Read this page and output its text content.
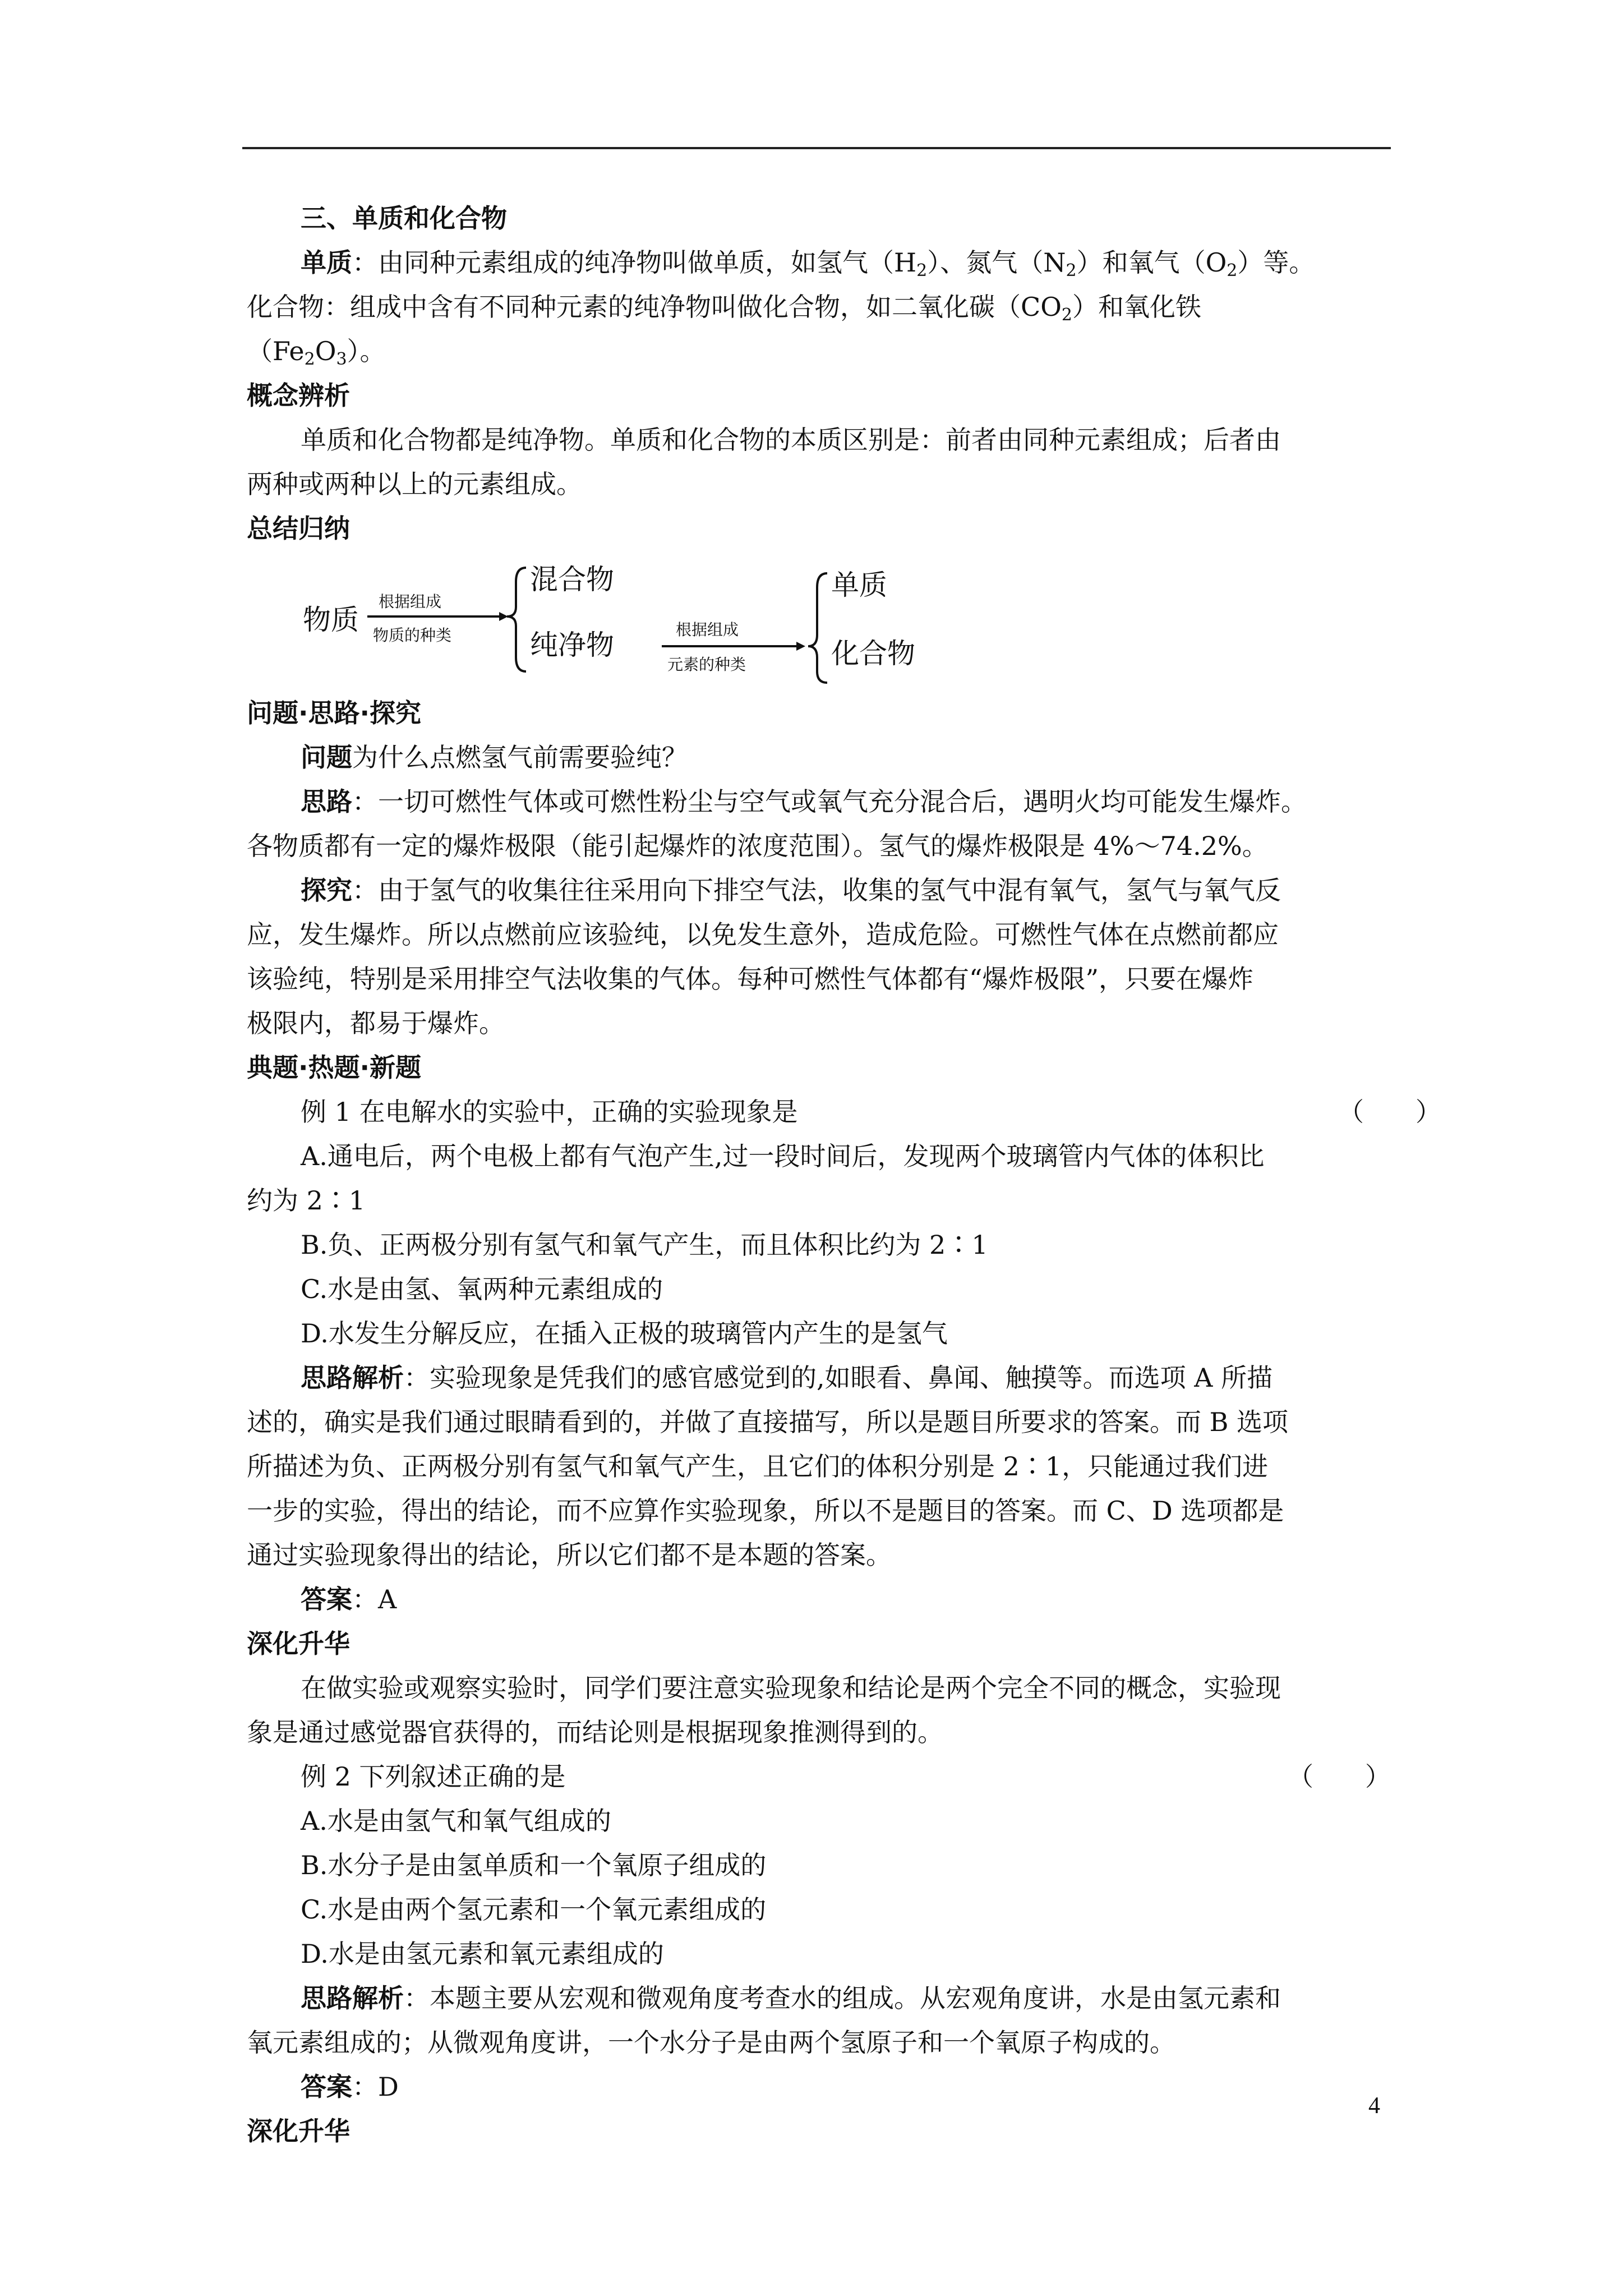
三、单质和化合物
单质：由同种元素组成的纯净物叫做单质，如氢气$(H_2)$、氮气$(N_2)$和氧气$(O_2)$等。
化合物：组成中含有不同种元素的纯净物叫做化合物，如二氧化碳$(CO_2)$和氧化铁
$(Fe_2O_3)$。
概念辨析
单质和化合物都是纯净物。单质和化合物的本质区别是：前者由同种元素组成；后者由
两种或两种以上的元素组成。
总结归纳
物质
根据组成
物质的种类
混合物
纯净物	根据组成
元素的种类
单质
化合物
问题·思路·探究
问题为什么点燃氢气前需要验纯？
思路：一切可燃性气体或可燃性粉尘与空气或氧气充分混合后，遇明火均可能发生爆炸。
各物质都有一定的爆炸极限（能引起爆炸的浓度范围）。氢气的爆炸极限是 4%～74.2%。
探究：由于氢气的收集往往采用向下排空气法，收集的氢气中混有氧气，氢气与氧气反
应，发生爆炸。所以点燃前应该验纯，以免发生意外，造成危险。可燃性气体在点燃前都应
该验纯，特别是采用排空气法收集的气体。每种可燃性气体都有“爆炸极限”，只要在爆炸
极限内，都易于爆炸。
典题·热题·新题
例 1 在电解水的实验中，正确的实验现象是	（　　）
A.通电后，两个电极上都有气泡产生,过一段时间后，发现两个玻璃管内气体的体积比
约为 2∶1
B.负、正两极分别有氢气和氧气产生，而且体积比约为 2∶1
C.水是由氢、氧两种元素组成的
D.水发生分解反应，在插入正极的玻璃管内产生的是氢气
思路解析：实验现象是凭我们的感官感觉到的,如眼看、鼻闻、触摸等。而选项 A 所描
述的，确实是我们通过眼睛看到的，并做了直接描写，所以是题目所要求的答案。而 B 选项
所描述为负、正两极分别有氢气和氧气产生，且它们的体积分别是 2∶1，只能通过我们进
一步的实验，得出的结论，而不应算作实验现象，所以不是题目的答案。而 C、D 选项都是
通过实验现象得出的结论，所以它们都不是本题的答案。
答案：A
深化升华
在做实验或观察实验时，同学们要注意实验现象和结论是两个完全不同的概念，实验现
象是通过感觉器官获得的，而结论则是根据现象推测得到的。
例 2 下列叙述正确的是	（　　）
A.水是由氢气和氧气组成的
B.水分子是由氢单质和一个氧原子组成的
C.水是由两个氢元素和一个氧元素组成的
D.水是由氢元素和氧元素组成的
思路解析：本题主要从宏观和微观角度考查水的组成。从宏观角度讲，水是由氢元素和
氧元素组成的；从微观角度讲，一个水分子是由两个氢原子和一个氧原子构成的。
答案：D
深化升华
4
